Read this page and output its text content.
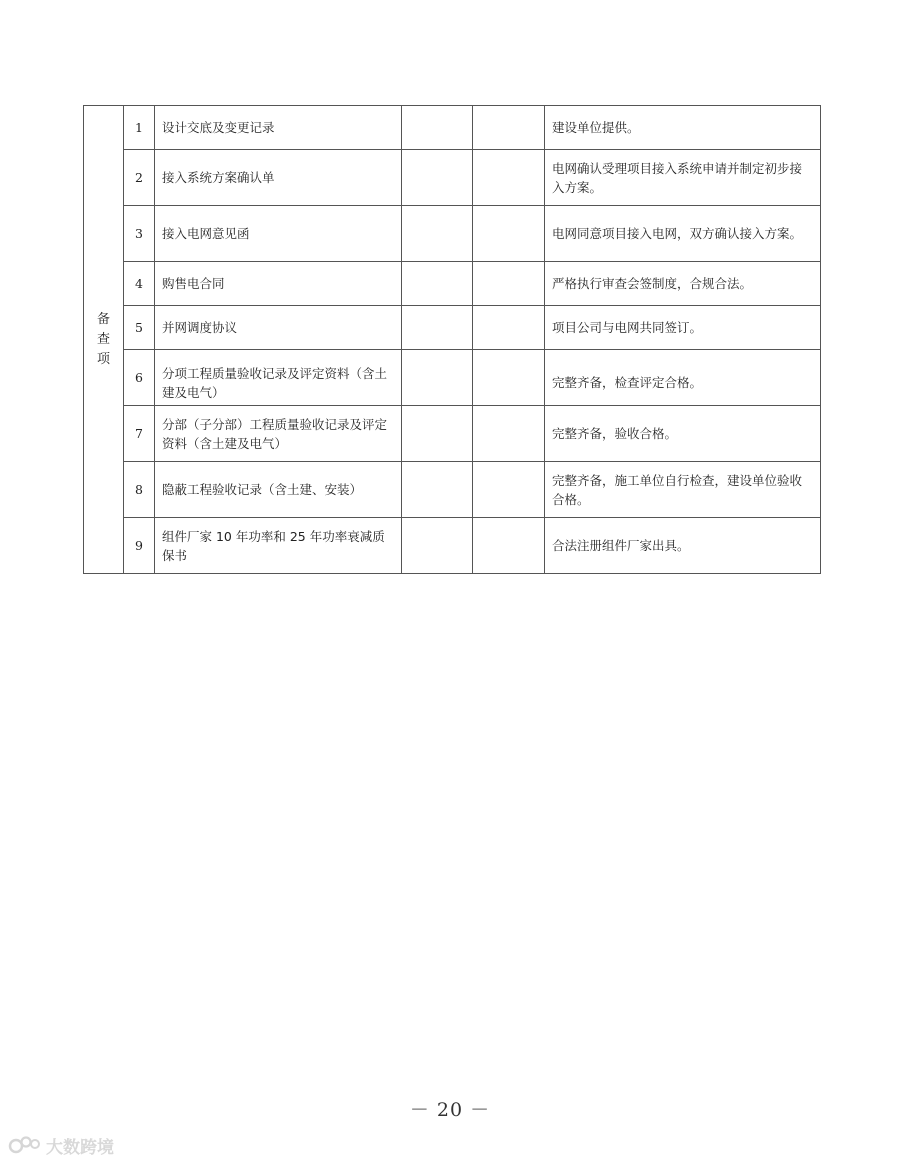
备查项	1	设计交底及变更记录			建设单位提供。
	2	接入系统方案确认单			电网确认受理项目接入系统申请并制定初步接入方案。
	3	接入电网意见函			电网同意项目接入电网，双方确认接入方案。
	4	购售电合同			严格执行审查会签制度，合规合法。
	5	并网调度协议			项目公司与电网共同签订。
	6	分项工程质量验收记录及评定资料（含土建及电气）			完整齐备，检查评定合格。

	7	分部（子分部）工程质量验收记录及评定资料（含土建及电气）			完整齐备，验收合格。
	8	隐蔽工程验收记录（含土建、安装）			完整齐备，施工单位自行检查，建设单位验收合格。
	9	组件厂家 10 年功率和 25 年功率衰减质保书			合法注册组件厂家出具。
－ 20 －
大数跨境
